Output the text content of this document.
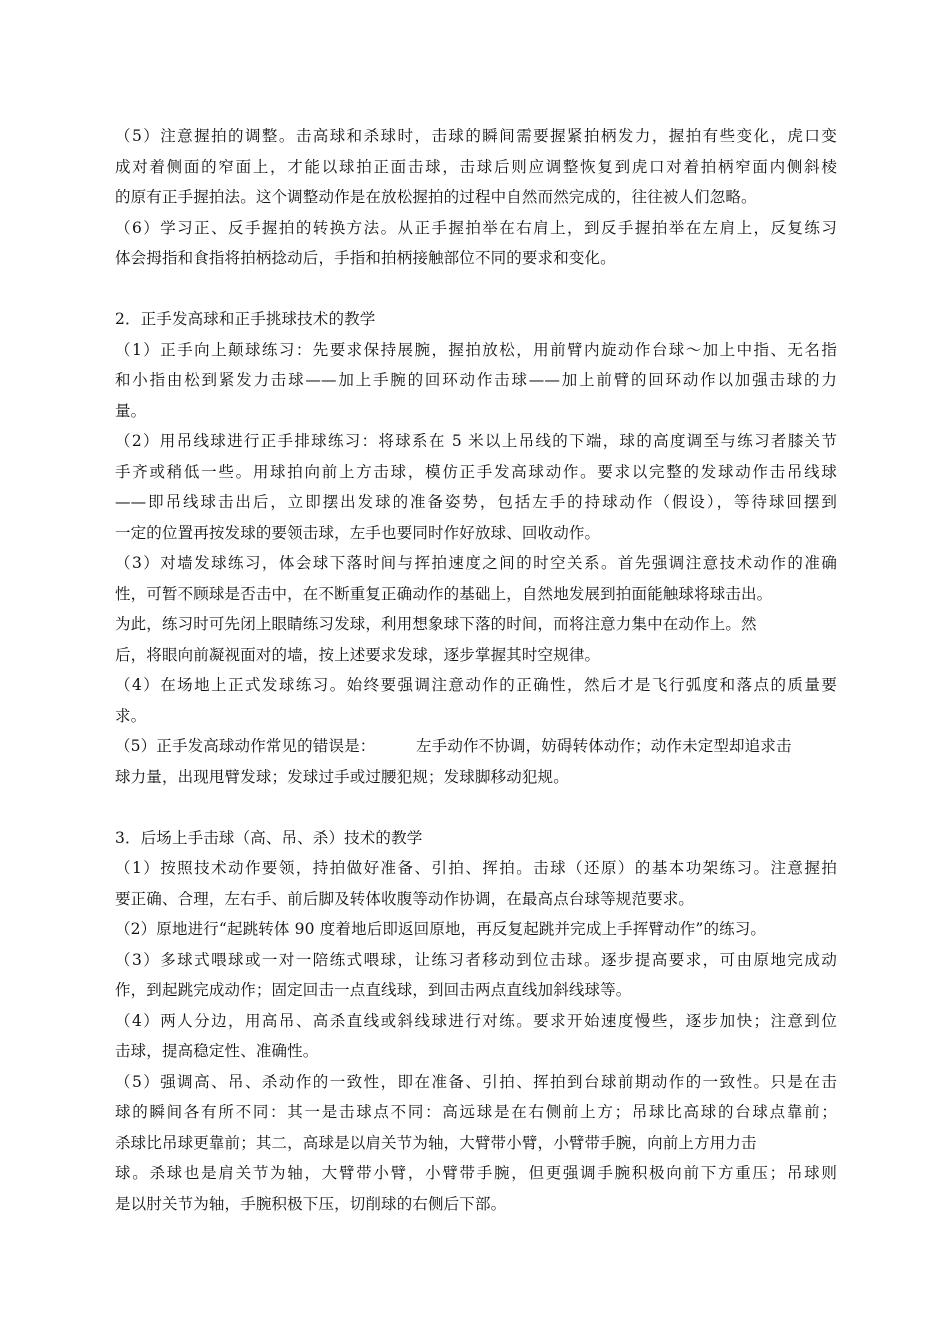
（5）注意握拍的调整。击高球和杀球时，击球的瞬间需要握紧拍柄发力，握拍有些变化，虎口变
成对着侧面的窄面上，才能以球拍正面击球，击球后则应调整恢复到虎口对着拍柄窄面内侧斜棱
的原有正手握拍法。这个调整动作是在放松握拍的过程中自然而然完成的，往往被人们忽略。
（6）学习正、反手握拍的转换方法。从正手握拍举在右肩上，到反手握拍举在左肩上，反复练习
体会拇指和食指将拍柄捻动后，手指和拍柄接触部位不同的要求和变化。
2．正手发高球和正手挑球技术的教学
（1）正手向上颠球练习：先要求保持展腕，握拍放松，用前臂内旋动作台球～加上中指、无名指
和小指由松到紧发力击球——加上手腕的回环动作击球——加上前臂的回环动作以加强击球的力
量。
（2）用吊线球进行正手排球练习：将球系在 5 米以上吊线的下端，球的高度调至与练习者膝关节
手齐或稍低一些。用球拍向前上方击球，模仿正手发高球动作。要求以完整的发球动作击吊线球
——即吊线球击出后，立即摆出发球的准备姿势，包括左手的持球动作（假设），等待球回摆到
一定的位置再按发球的要领击球，左手也要同时作好放球、回收动作。
（3）对墙发球练习，体会球下落时间与挥拍速度之间的时空关系。首先强调注意技术动作的准确
性，可暂不顾球是否击中，在不断重复正确动作的基础上，自然地发展到拍面能触球将球击出。
为此，练习时可先闭上眼睛练习发球，利用想象球下落的时间，而将注意力集中在动作上。然
后，将眼向前凝视面对的墙，按上述要求发球，逐步掌握其时空规律。
（4）在场地上正式发球练习。始终要强调注意动作的正确性，然后才是飞行弧度和落点的质量要
求。
（5）正手发高球动作常见的错误是：        左手动作不协调，妨碍转体动作；动作未定型却追求击
球力量，出现甩臂发球；发球过手或过腰犯规；发球脚移动犯规。
3．后场上手击球（高、吊、杀）技术的教学
（1）按照技术动作要领，持拍做好准备、引拍、挥拍。击球（还原）的基本功架练习。注意握拍
要正确、合理，左右手、前后脚及转体收腹等动作协调，在最高点台球等规范要求。
（2）原地进行“起跳转体 90 度着地后即返回原地，再反复起跳并完成上手挥臂动作”的练习。
（3）多球式喂球或一对一陪练式喂球，让练习者移动到位击球。逐步提高要求，可由原地完成动
作，到起跳完成动作；固定回击一点直线球，到回击两点直线加斜线球等。
（4）两人分边，用高吊、高杀直线或斜线球进行对练。要求开始速度慢些，逐步加快；注意到位
击球，提高稳定性、准确性。
（5）强调高、吊、杀动作的一致性，即在准备、引拍、挥拍到台球前期动作的一致性。只是在击
球的瞬间各有所不同：其一是击球点不同：高远球是在右侧前上方；吊球比高球的台球点靠前；
杀球比吊球更靠前；其二，高球是以肩关节为轴，大臂带小臂，小臂带手腕，向前上方用力击
球。杀球也是肩关节为轴，大臂带小臂，小臂带手腕，但更强调手腕积极向前下方重压；吊球则
是以肘关节为轴，手腕积极下压，切削球的右侧后下部。
